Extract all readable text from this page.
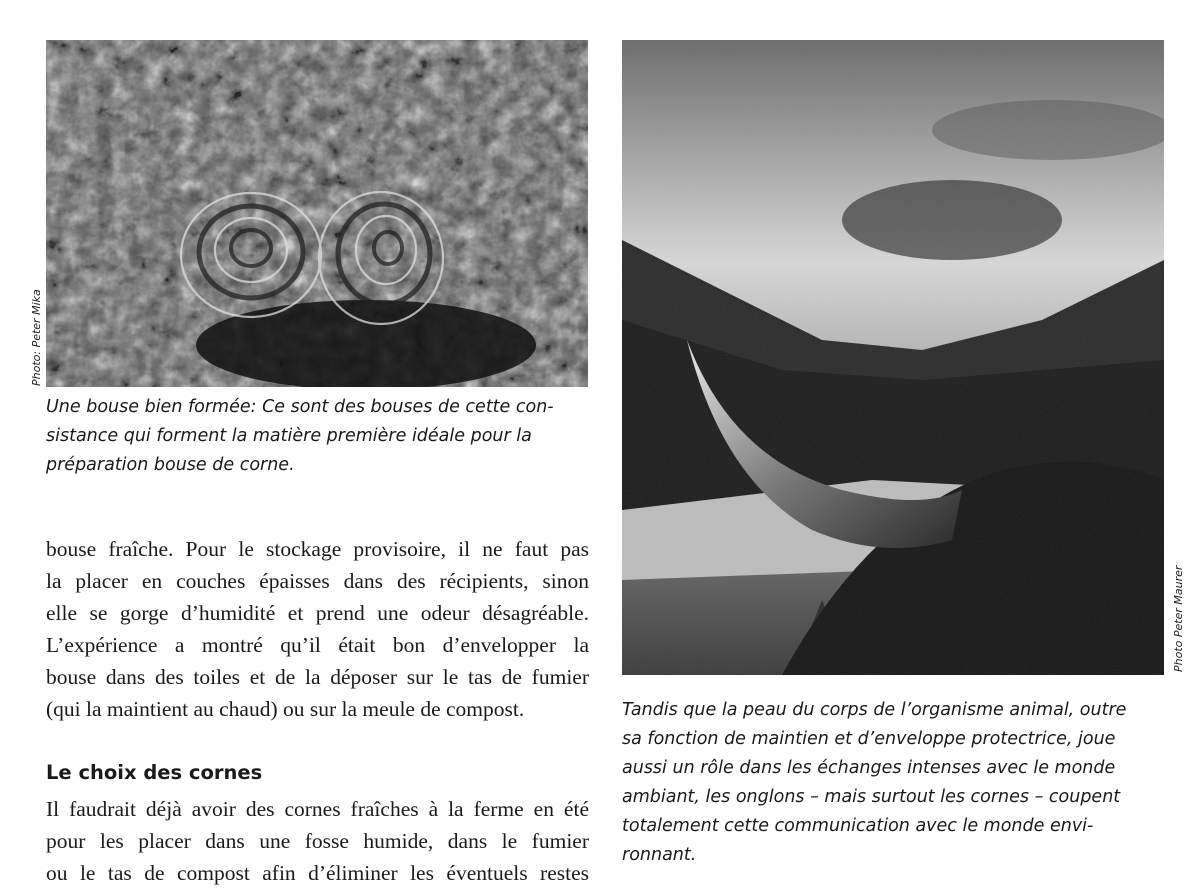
Photo: Peter Mika
Une bouse bien formée: Ce sont des bouses de cette con-
sistance qui forment la matière première idéale pour la
préparation bouse de corne.
Photo Peter Maurer
Tandis que la peau du corps de l’organisme animal, outre
sa fonction de maintien et d’enveloppe protectrice, joue
aussi un rôle dans les échanges intenses avec le monde
ambiant, les onglons – mais surtout les cornes – coupent
totalement cette communication avec le monde envi-
ronnant.
bouse fraîche. Pour le stockage provisoire, il ne faut pas
la placer en couches épaisses dans des récipients, sinon
elle se gorge d’humidité et prend une odeur désagréable.
L’expérience a montré qu’il était bon d’envelopper la
bouse dans des toiles et de la déposer sur le tas de fumier
(qui la maintient au chaud) ou sur la meule de compost.
Le choix des cornes
Il faudrait déjà avoir des cornes fraîches à la ferme en été
pour les placer dans une fosse humide, dans le fumier
ou le tas de compost afin d’éliminer les éventuels restes
